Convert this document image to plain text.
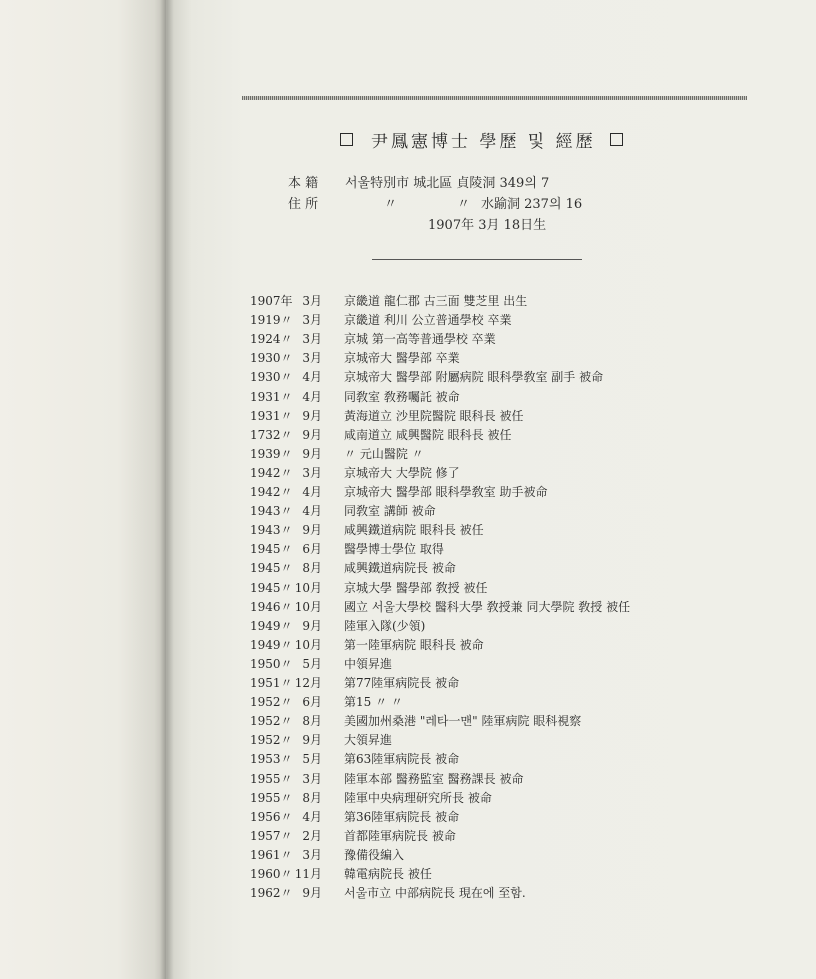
尹鳳憲博士 學歷 및 經歷
本 籍 서울特別市 城北區 貞陵洞 349의 7
住 所	〃	〃 水踰洞 237의 16
1907年 3月 18日生
1907年 3月 京畿道 龍仁郡 古三面 雙芝里 出生
1919〃 3月 京畿道 利川 公立普通學校 卒業
1924〃 3月 京城 第一高等普通學校 卒業
1930〃 3月 京城帝大 醫學部 卒業
1930〃 4月 京城帝大 醫學部 附屬病院 眼科學敎室 副手 被命
1931〃 4月 同敎室 敎務囑託 被命
1931〃 9月 黃海道立 沙里院醫院 眼科長 被任
1732〃 9月 咸南道立 咸興醫院 眼科長 被任
1939〃 9月 〃 元山醫院 〃
1942〃 3月 京城帝大 大學院 修了
1942〃 4月 京城帝大 醫學部 眼科學敎室 助手被命
1943〃 4月 同敎室 講師 被命
1943〃 9月 咸興鐵道病院 眼科長 被任
1945〃 6月 醫學博士學位 取得
1945〃 8月 咸興鐵道病院長 被命
1945〃 10月 京城大學 醫學部 敎授 被任
1946〃 10月 國立 서울大學校 醫科大學 敎授兼 同大學院 敎授 被任
1949〃 9月 陸軍入隊(少領)
1949〃 10月 第一陸軍病院 眼科長 被命
1950〃 5月 中領昇進
1951〃 12月 第77陸軍病院長 被命
1952〃 6月 第15 〃 〃
1952〃 8月 美國加州桑港 "레타一맨" 陸軍病院 眼科視察
1952〃 9月 大領昇進
1953〃 5月 第63陸軍病院長 被命
1955〃 3月 陸軍本部 醫務監室 醫務課長 被命
1955〃 8月 陸軍中央病理研究所長 被命
1956〃 4月 第36陸軍病院長 被命
1957〃 2月 首都陸軍病院長 被命
1961〃 3月 豫備役編入
1960〃 11月 韓電病院長 被任
1962〃 9月 서울市立 中部病院長 現在에 至함.
